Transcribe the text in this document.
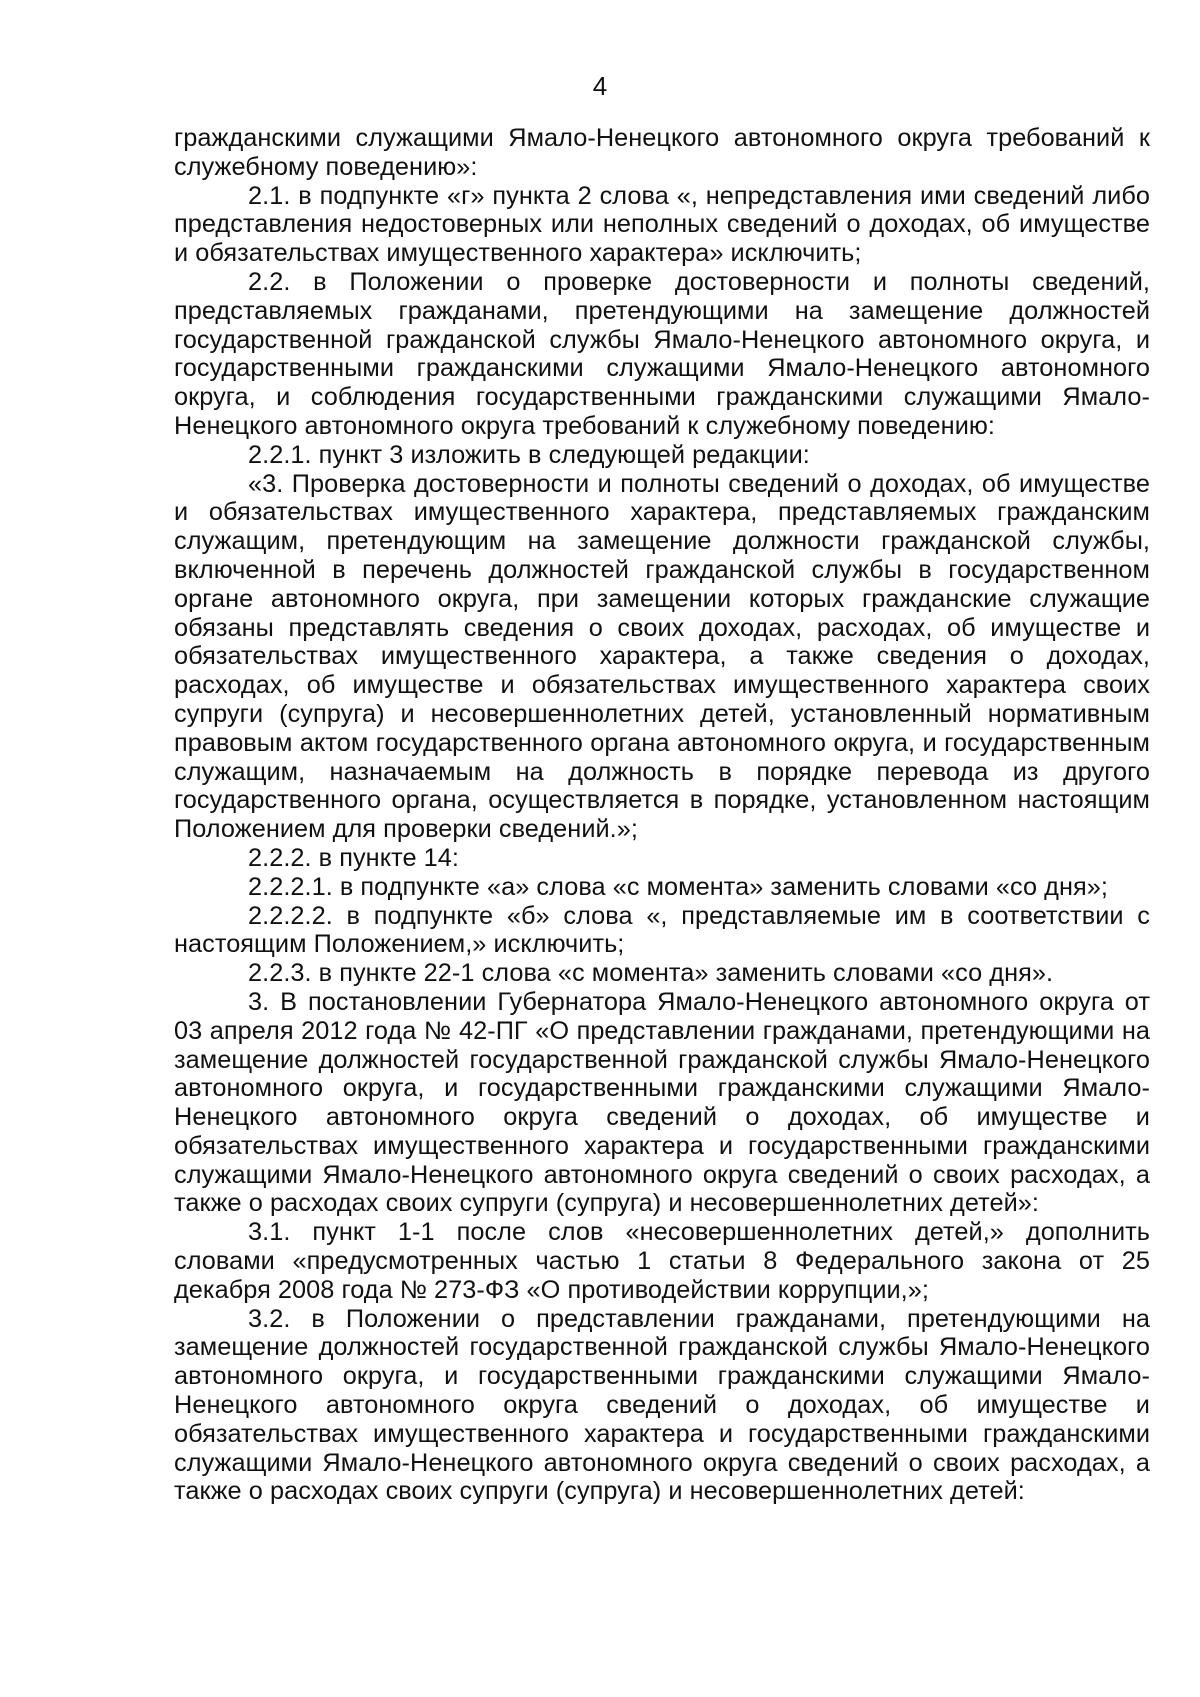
4

гражданскими служащими Ямало-Ненецкого автономного округа требований к служебному поведению»:

2.1. в подпункте «г» пункта 2 слова «, непредставления ими сведений либо представления недостоверных или неполных сведений о доходах, об имуществе и обязательствах имущественного характера» исключить;

2.2. в Положении о проверке достоверности и полноты сведений, представляемых гражданами, претендующими на замещение должностей государственной гражданской службы Ямало-Ненецкого автономного округа, и государственными гражданскими служащими Ямало-Ненецкого автономного округа, и соблюдения государственными гражданскими служащими Ямало-Ненецкого автономного округа требований к служебному поведению:

2.2.1. пункт 3 изложить в следующей редакции:

«3. Проверка достоверности и полноты сведений о доходах, об имуществе и обязательствах имущественного характера, представляемых гражданским служащим, претендующим на замещение должности гражданской службы, включенной в перечень должностей гражданской службы в государственном органе автономного округа, при замещении которых гражданские служащие обязаны представлять сведения о своих доходах, расходах, об имуществе и обязательствах имущественного характера, а также сведения о доходах, расходах, об имуществе и обязательствах имущественного характера своих супруги (супруга) и несовершеннолетних детей, установленный нормативным правовым актом государственного органа автономного округа, и государственным служащим, назначаемым на должность в порядке перевода из другого государственного органа, осуществляется в порядке, установленном настоящим Положением для проверки сведений.»;

2.2.2. в пункте 14:

2.2.2.1. в подпункте «а» слова «с момента» заменить словами «со дня»;

2.2.2.2. в подпункте «б» слова «, представляемые им в соответствии с настоящим Положением,» исключить;

2.2.3. в пункте 22-1 слова «с момента» заменить словами «со дня».

3. В постановлении Губернатора Ямало-Ненецкого автономного округа от 03 апреля 2012 года № 42-ПГ «О представлении гражданами, претендующими на замещение должностей государственной гражданской службы Ямало-Ненецкого автономного округа, и государственными гражданскими служащими Ямало-Ненецкого автономного округа сведений о доходах, об имуществе и обязательствах имущественного характера и государственными гражданскими служащими Ямало-Ненецкого автономного округа сведений о своих расходах, а также о расходах своих супруги (супруга) и несовершеннолетних детей»:

3.1. пункт 1-1 после слов «несовершеннолетних детей,» дополнить словами «предусмотренных частью 1 статьи 8 Федерального закона от 25 декабря 2008 года № 273-ФЗ «О противодействии коррупции,»;

3.2. в Положении о представлении гражданами, претендующими на замещение должностей государственной гражданской службы Ямало-Ненецкого автономного округа, и государственными гражданскими служащими Ямало-Ненецкого автономного округа сведений о доходах, об имуществе и обязательствах имущественного характера и государственными гражданскими служащими Ямало-Ненецкого автономного округа сведений о своих расходах, а также о расходах своих супруги (супруга) и несовершеннолетних детей:
